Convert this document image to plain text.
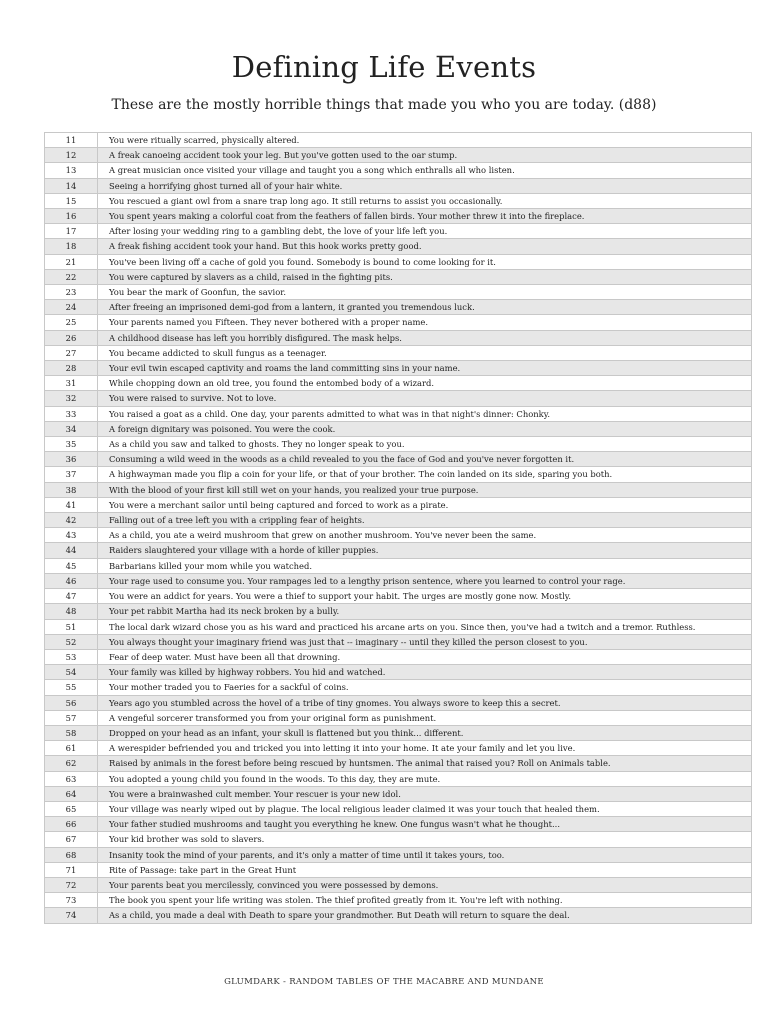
Defining Life Events
These are the mostly horrible things that made you who you are today. (d88)
11	You were ritually scarred, physically altered.
12	A freak canoeing accident took your leg. But you've gotten used to the oar stump.
13	A great musician once visited your village and taught you a song which enthralls all who listen.
14	Seeing a horrifying ghost turned all of your hair white.
15	You rescued a giant owl from a snare trap long ago. It still returns to assist you occasionally.
16	You spent years making a colorful coat from the feathers of fallen birds. Your mother threw it into the fireplace.
17	After losing your wedding ring to a gambling debt, the love of your life left you.
18	A freak fishing accident took your hand. But this hook works pretty good.
21	You've been living off a cache of gold you found. Somebody is bound to come looking for it.
22	You were captured by slavers as a child, raised in the fighting pits.
23	You bear the mark of Goonfun, the savior.
24	After freeing an imprisoned demi-god from a lantern, it granted you tremendous luck.
25	Your parents named you Fifteen. They never bothered with a proper name.
26	A childhood disease has left you horribly disfigured. The mask helps.
27	You became addicted to skull fungus as a teenager.
28	Your evil twin escaped captivity and roams the land committing sins in your name.
31	While chopping down an old tree, you found the entombed body of a wizard.
32	You were raised to survive. Not to love.
33	You raised a goat as a child. One day, your parents admitted to what was in that night's dinner: Chonky.
34	A foreign dignitary was poisoned. You were the cook.
35	As a child you saw and talked to ghosts. They no longer speak to you.
36	Consuming a wild weed in the woods as a child revealed to you the face of God and you've never forgotten it.
37	A highwayman made you flip a coin for your life, or that of your brother. The coin landed on its side, sparing you both.
38	With the blood of your first kill still wet on your hands, you realized your true purpose.
41	You were a merchant sailor until being captured and forced to work as a pirate.
42	Falling out of a tree left you with a crippling fear of heights.
43	As a child, you ate a weird mushroom that grew on another mushroom. You've never been the same.
44	Raiders slaughtered your village with a horde of killer puppies.
45	Barbarians killed your mom while you watched.
46	Your rage used to consume you. Your rampages led to a lengthy prison sentence, where you learned to control your rage.
47	You were an addict for years. You were a thief to support your habit. The urges are mostly gone now. Mostly.
48	Your pet rabbit Martha had its neck broken by a bully.
51	The local dark wizard chose you as his ward and practiced his arcane arts on you. Since then, you've had a twitch and a tremor. Ruthless.
52	You always thought your imaginary friend was just that -- imaginary -- until they killed the person closest to you.
53	Fear of deep water. Must have been all that drowning.
54	Your family was killed by highway robbers. You hid and watched.
55	Your mother traded you to Faeries for a sackful of coins.
56	Years ago you stumbled across the hovel of a tribe of tiny gnomes. You always swore to keep this a secret.
57	A vengeful sorcerer transformed you from your original form as punishment.
58	Dropped on your head as an infant, your skull is flattened but you think... different.
61	A werespider befriended you and tricked you into letting it into your home. It ate your family and let you live.
62	Raised by animals in the forest before being rescued by huntsmen. The animal that raised you? Roll on Animals table.
63	You adopted a young child you found in the woods. To this day, they are mute.
64	You were a brainwashed cult member. Your rescuer is your new idol.
65	Your village was nearly wiped out by plague. The local religious leader claimed it was your touch that healed them.
66	Your father studied mushrooms and taught you everything he knew. One fungus wasn't what he thought...
67	Your kid brother was sold to slavers.
68	Insanity took the mind of your parents, and it's only a matter of time until it takes yours, too.
71	Rite of Passage: take part in the Great Hunt
72	Your parents beat you mercilessly, convinced you were possessed by demons.
73	The book you spent your life writing was stolen. The thief profited greatly from it. You're left with nothing.
74	As a child, you made a deal with Death to spare your grandmother. But Death will return to square the deal.
GLUMDARK - RANDOM TABLES OF THE MACABRE AND MUNDANE
